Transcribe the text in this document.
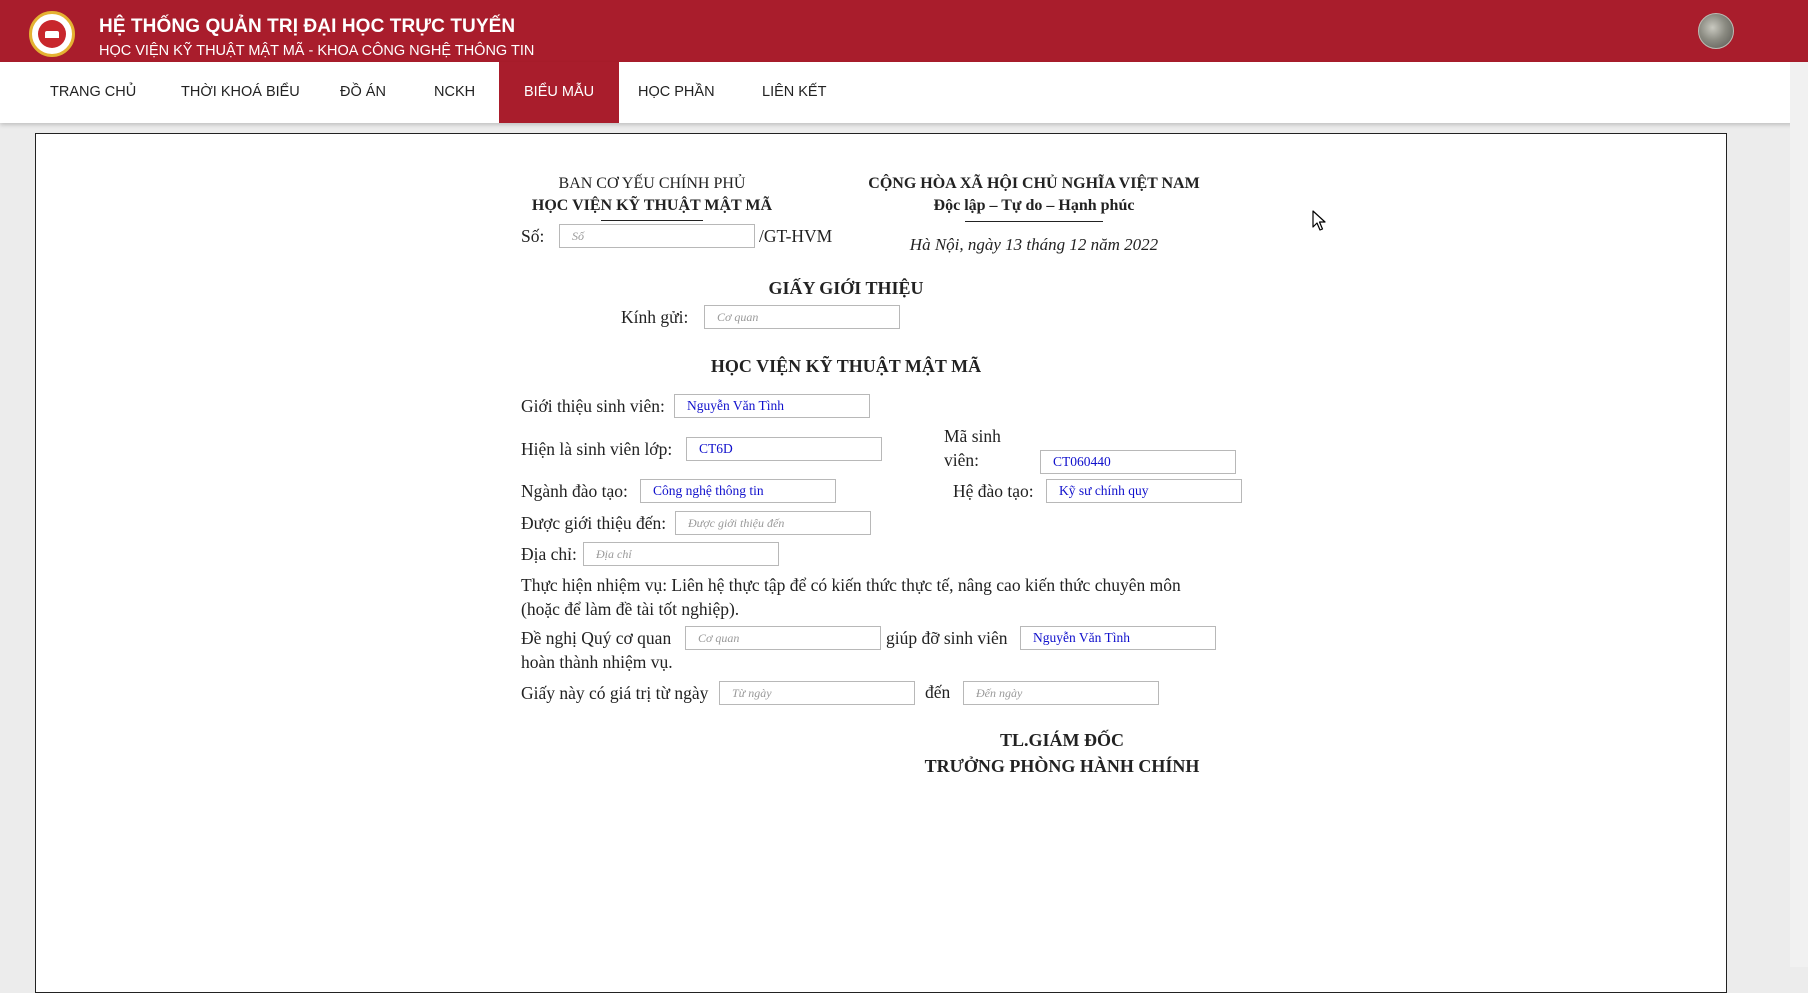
HỆ THỐNG QUẢN TRỊ ĐẠI HỌC TRỰC TUYẾN
HỌC VIỆN KỸ THUẬT MẬT MÃ - KHOA CÔNG NGHỆ THÔNG TIN
TRANG CHỦ	THỜI KHOÁ BIỂU	ĐỒ ÁN	NCKH	BIỂU MẪU	HỌC PHẦN	LIÊN KẾT
BAN CƠ YẾU CHÍNH PHỦ
HỌC VIỆN KỸ THUẬT MẬT MÃ
Số:
Số	/GT-HVM
CỘNG HÒA XÃ HỘI CHỦ NGHĨA VIỆT NAM
Độc lập – Tự do – Hạnh phúc
Hà Nội, ngày 13 tháng 12 năm 2022
GIẤY GIỚI THIỆU
Kính gửi:
Cơ quan
HỌC VIỆN KỸ THUẬT MẬT MÃ
Giới thiệu sinh viên:
Nguyễn Văn Tình
Hiện là sinh viên lớp:
CT6D
Mã sinh
viên:
CT060440
Ngành đào tạo:
Công nghệ thông tin	Hệ đào tạo:
Kỹ sư chính quy
Được giới thiệu đến:
Được giới thiệu đến
Địa chỉ:
Địa chỉ
Thực hiện nhiệm vụ: Liên hệ thực tập để có kiến thức thực tế, nâng cao kiến thức chuyên môn
(hoặc để làm đề tài tốt nghiệp).
Đề nghị Quý cơ quan
Cơ quan	giúp đỡ sinh viên
Nguyễn Văn Tình
hoàn thành nhiệm vụ.
Giấy này có giá trị từ ngày
Từ ngày	đến
Đến ngày
TL.GIÁM ĐỐC
TRƯỞNG PHÒNG HÀNH CHÍNH
